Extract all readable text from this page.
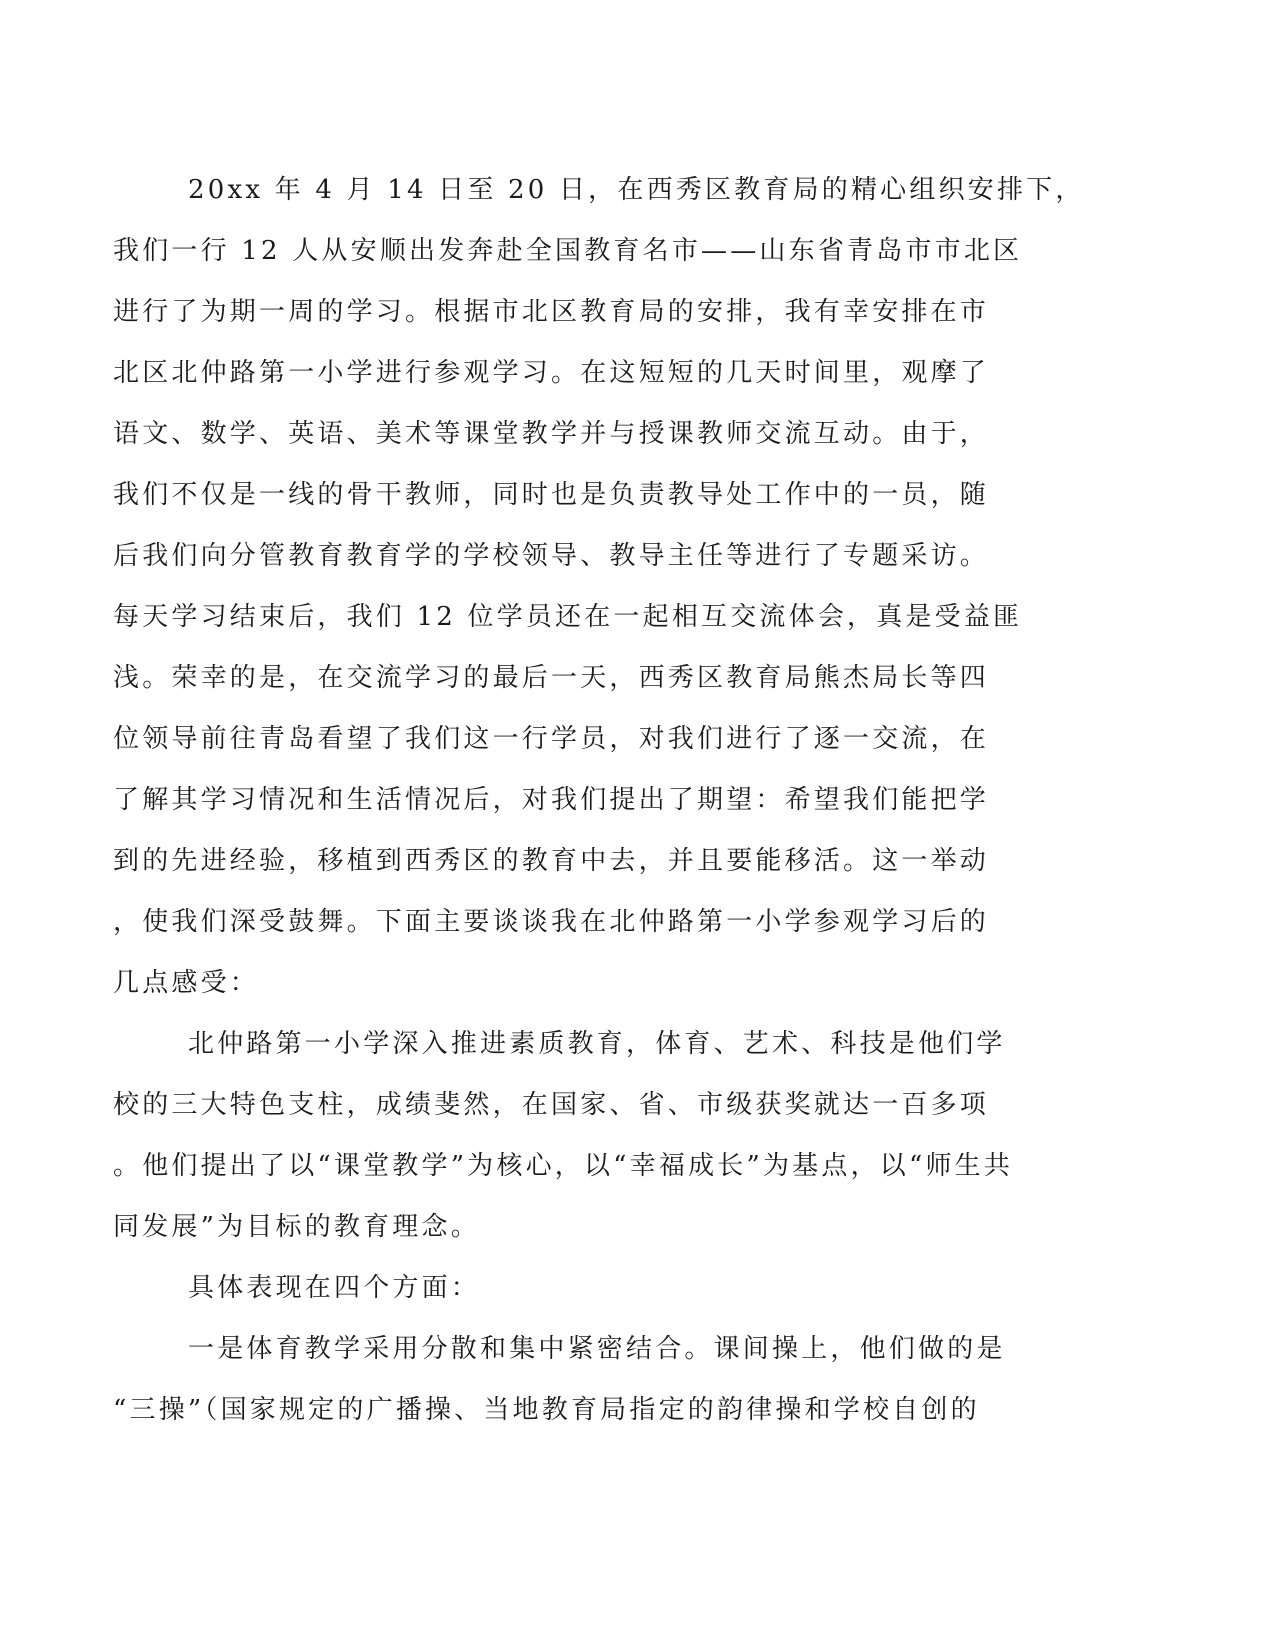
20xx 年 4 月 14 日至 20 日，在西秀区教育局的精心组织安排下，
我们一行 12 人从安顺出发奔赴全国教育名市——山东省青岛市市北区
进行了为期一周的学习。根据市北区教育局的安排，我有幸安排在市
北区北仲路第一小学进行参观学习。在这短短的几天时间里，观摩了
语文、数学、英语、美术等课堂教学并与授课教师交流互动。由于，
我们不仅是一线的骨干教师，同时也是负责教导处工作中的一员，随
后我们向分管教育教育学的学校领导、教导主任等进行了专题采访。
每天学习结束后，我们 12 位学员还在一起相互交流体会，真是受益匪
浅。荣幸的是，在交流学习的最后一天，西秀区教育局熊杰局长等四
位领导前往青岛看望了我们这一行学员，对我们进行了逐一交流，在
了解其学习情况和生活情况后，对我们提出了期望：希望我们能把学
到的先进经验，移植到西秀区的教育中去，并且要能移活。这一举动
，使我们深受鼓舞。下面主要谈谈我在北仲路第一小学参观学习后的
几点感受：

北仲路第一小学深入推进素质教育，体育、艺术、科技是他们学
校的三大特色支柱，成绩斐然，在国家、省、市级获奖就达一百多项
。他们提出了以“课堂教学”为核心，以“幸福成长”为基点，以“师生共
同发展”为目标的教育理念。

具体表现在四个方面：

一是体育教学采用分散和集中紧密结合。课间操上，他们做的是
“三操”（国家规定的广播操、当地教育局指定的韵律操和学校自创的
